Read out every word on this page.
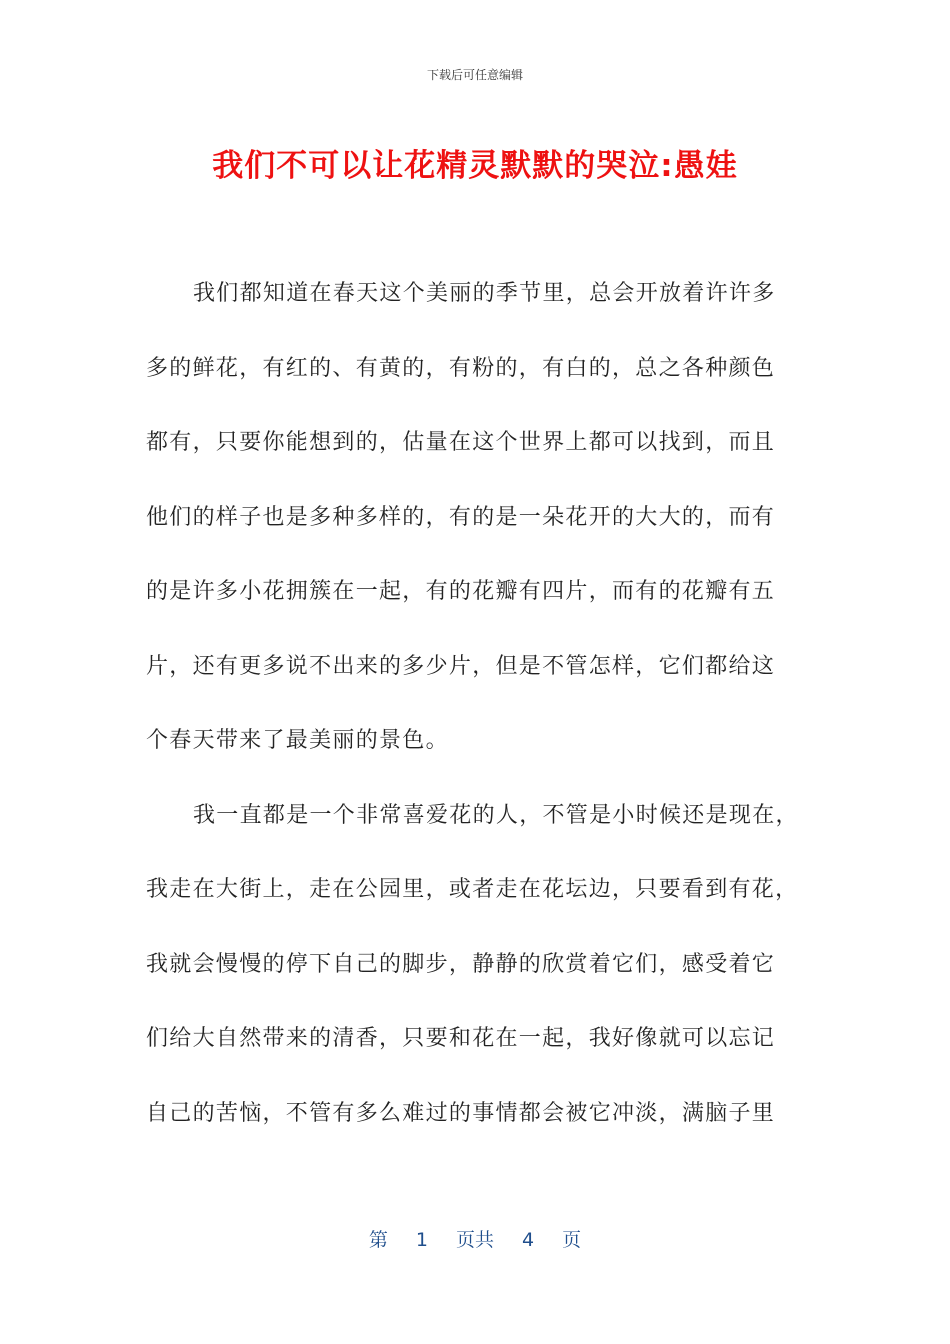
下载后可任意编辑
我们不可以让花精灵默默的哭泣:愚娃
我们都知道在春天这个美丽的季节里，总会开放着许许多
多的鲜花，有红的、有黄的，有粉的，有白的，总之各种颜色
都有，只要你能想到的，估量在这个世界上都可以找到，而且
他们的样子也是多种多样的，有的是一朵花开的大大的，而有
的是许多小花拥簇在一起，有的花瓣有四片，而有的花瓣有五
片，还有更多说不出来的多少片，但是不管怎样，它们都给这
个春天带来了最美丽的景色。
我一直都是一个非常喜爱花的人，不管是小时候还是现在，
我走在大街上，走在公园里，或者走在花坛边，只要看到有花，
我就会慢慢的停下自己的脚步，静静的欣赏着它们，感受着它
们给大自然带来的清香，只要和花在一起，我好像就可以忘记
自己的苦恼，不管有多么难过的事情都会被它冲淡，满脑子里
第 1 页共 4 页
